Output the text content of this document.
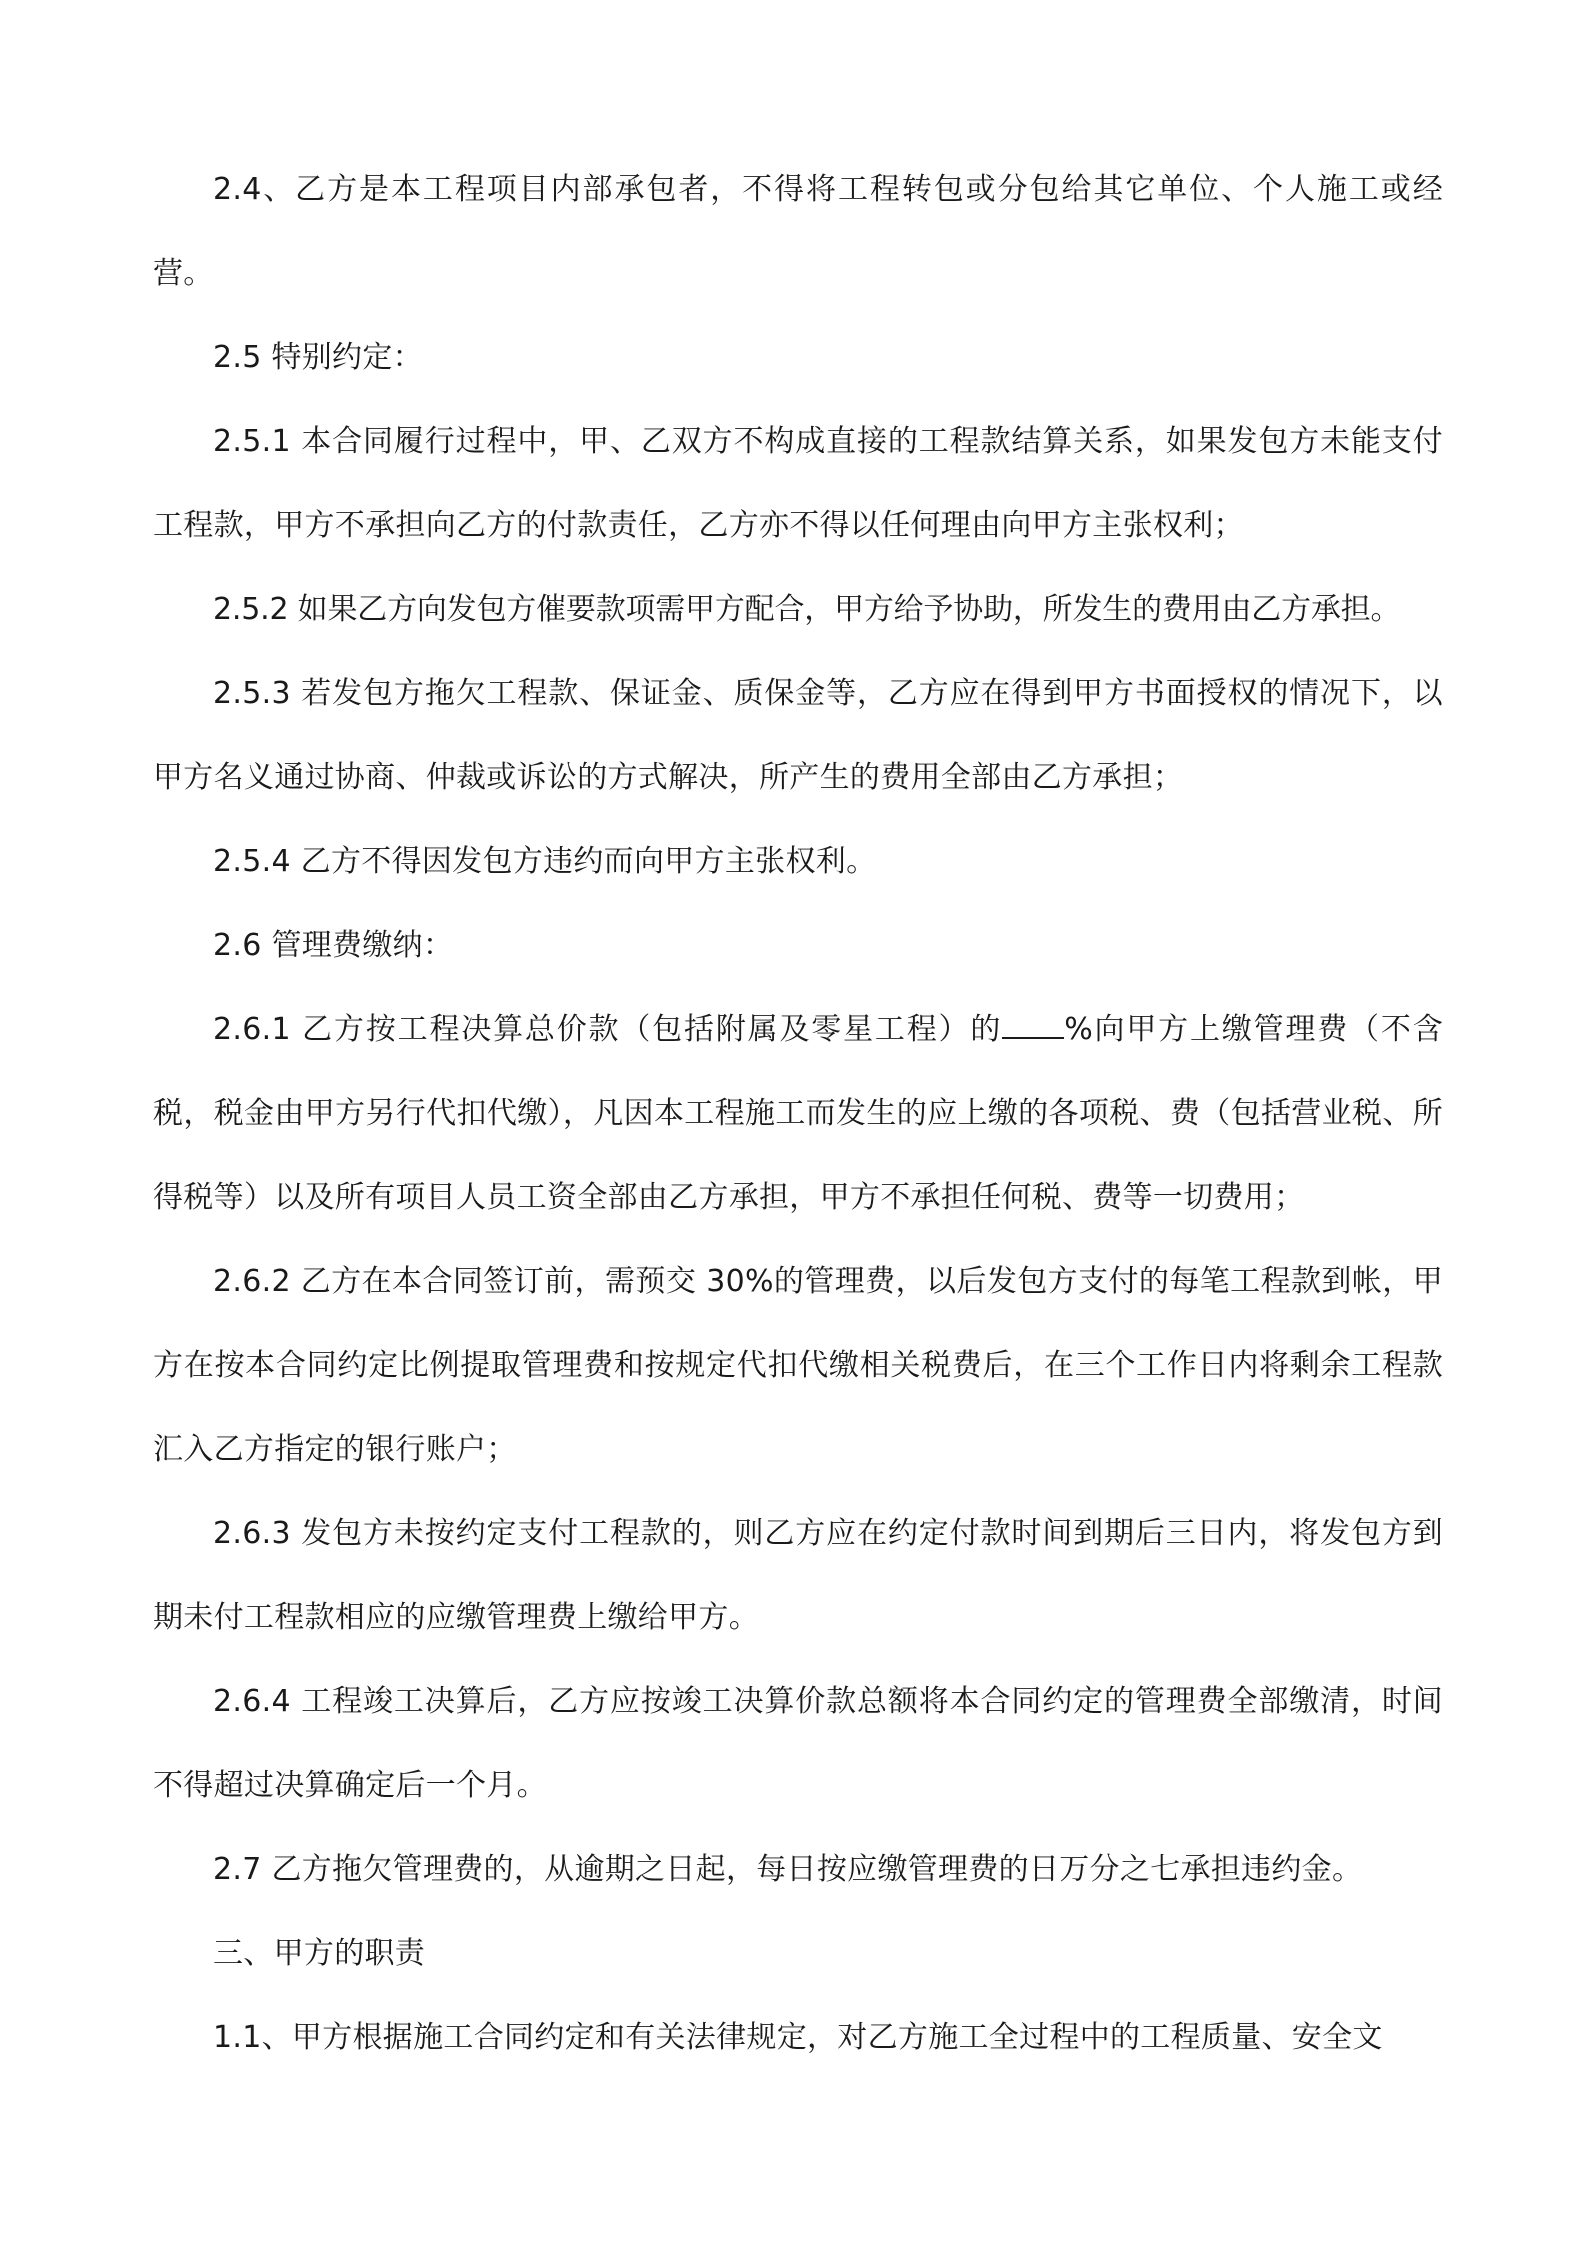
2.4、乙方是本工程项目内部承包者，不得将工程转包或分包给其它单位、个人施工或经营。

2.5 特别约定：

2.5.1 本合同履行过程中，甲、乙双方不构成直接的工程款结算关系，如果发包方未能支付工程款，甲方不承担向乙方的付款责任，乙方亦不得以任何理由向甲方主张权利；

2.5.2 如果乙方向发包方催要款项需甲方配合，甲方给予协助，所发生的费用由乙方承担。

2.5.3 若发包方拖欠工程款、保证金、质保金等，乙方应在得到甲方书面授权的情况下，以甲方名义通过协商、仲裁或诉讼的方式解决，所产生的费用全部由乙方承担；

2.5.4 乙方不得因发包方违约而向甲方主张权利。

2.6 管理费缴纳：

2.6.1 乙方按工程决算总价款（包括附属及零星工程）的 %向甲方上缴管理费（不含税，税金由甲方另行代扣代缴），凡因本工程施工而发生的应上缴的各项税、费（包括营业税、所得税等）以及所有项目人员工资全部由乙方承担，甲方不承担任何税、费等一切费用；

2.6.2 乙方在本合同签订前，需预交 30%的管理费，以后发包方支付的每笔工程款到帐，甲方在按本合同约定比例提取管理费和按规定代扣代缴相关税费后，在三个工作日内将剩余工程款汇入乙方指定的银行账户；

2.6.3 发包方未按约定支付工程款的，则乙方应在约定付款时间到期后三日内，将发包方到期未付工程款相应的应缴管理费上缴给甲方。

2.6.4 工程竣工决算后，乙方应按竣工决算价款总额将本合同约定的管理费全部缴清，时间不得超过决算确定后一个月。

2.7 乙方拖欠管理费的，从逾期之日起，每日按应缴管理费的日万分之七承担违约金。

三、甲方的职责

1.1、甲方根据施工合同约定和有关法律规定，对乙方施工全过程中的工程质量、安全文
